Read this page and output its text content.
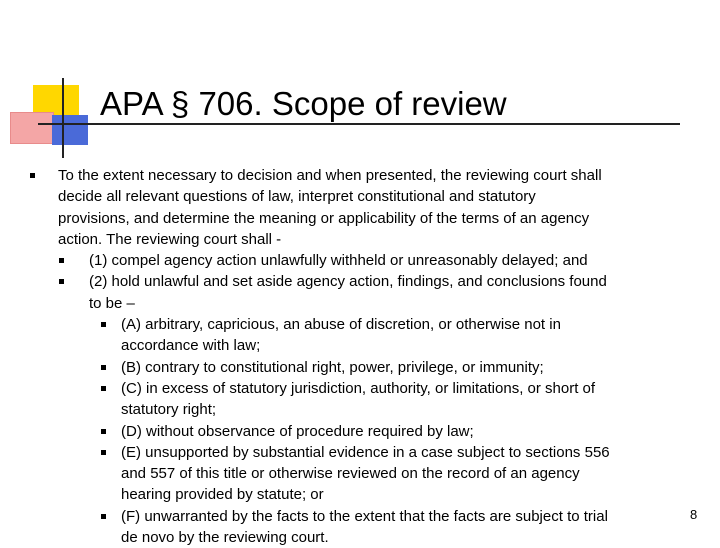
APA § 706. Scope of review
To the extent necessary to decision and when presented, the reviewing court shall
decide all relevant questions of law, interpret constitutional and statutory
provisions, and determine the meaning or applicability of the terms of an agency
action. The reviewing court shall -
(1) compel agency action unlawfully withheld or unreasonably delayed; and
(2) hold unlawful and set aside agency action, findings, and conclusions found
to be –
(A) arbitrary, capricious, an abuse of discretion, or otherwise not in
accordance with law;
(B) contrary to constitutional right, power, privilege, or immunity;
(C) in excess of statutory jurisdiction, authority, or limitations, or short of
statutory right;
(D) without observance of procedure required by law;
(E) unsupported by substantial evidence in a case subject to sections 556
and 557 of this title or otherwise reviewed on the record of an agency
hearing provided by statute; or
(F) unwarranted by the facts to the extent that the facts are subject to trial
de novo by the reviewing court.
8
